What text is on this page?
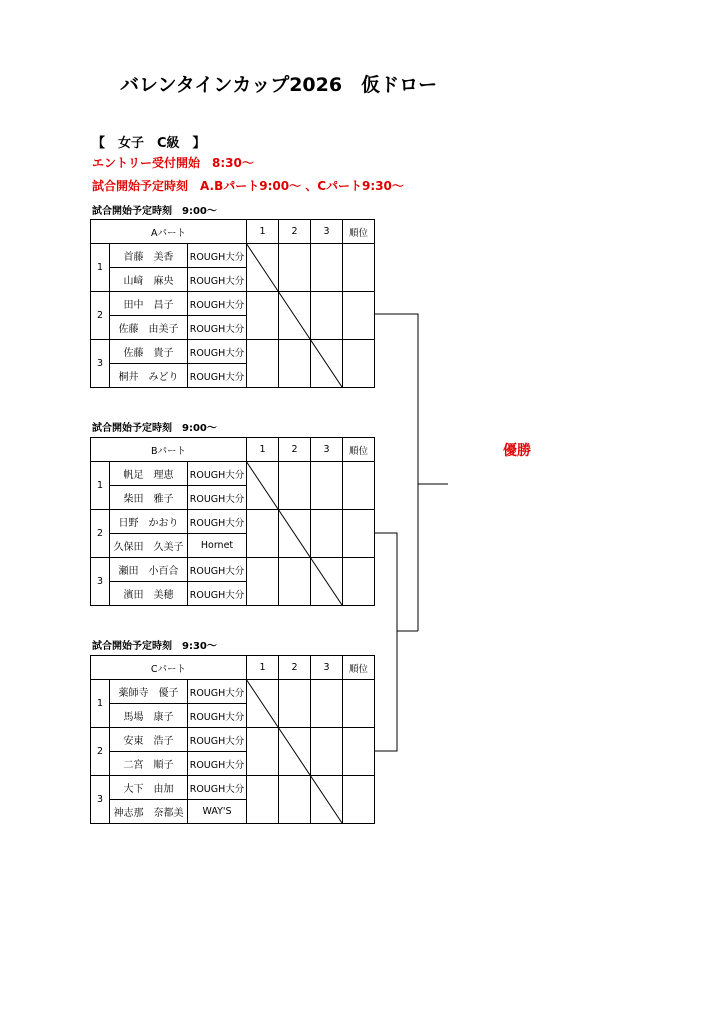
バレンタインカップ2026　仮ドロー
【　女子　C級　】
エントリー受付開始　8:30～
試合開始予定時刻　A.Bパート9:00～ 、Cパート9:30～
試合開始予定時刻　9:00～
Aパート			1	2	3	順位
1	首藤　美香	ROUGH大分				
	山﨑　麻央	ROUGH大分				
2	田中　昌子	ROUGH大分				
	佐藤　由美子	ROUGH大分				
3	佐藤　貴子	ROUGH大分				
	桐井　みどり	ROUGH大分				
試合開始予定時刻　9:00～
Bパート			1	2	3	順位
1	帆足　理恵	ROUGH大分				
	柴田　雅子	ROUGH大分				
2	日野　かおり	ROUGH大分				
	久保田　久美子	Hornet				
3	瀬田　小百合	ROUGH大分				
	濱田　美穂	ROUGH大分				
試合開始予定時刻　9:30～
Cパート			1	2	3	順位
1	薬師寺　優子	ROUGH大分				
	馬場　康子	ROUGH大分				
2	安東　浩子	ROUGH大分				
	二宮　順子	ROUGH大分				
3	大下　由加	ROUGH大分				
	神志那　奈都美	WAY'S				
優勝
